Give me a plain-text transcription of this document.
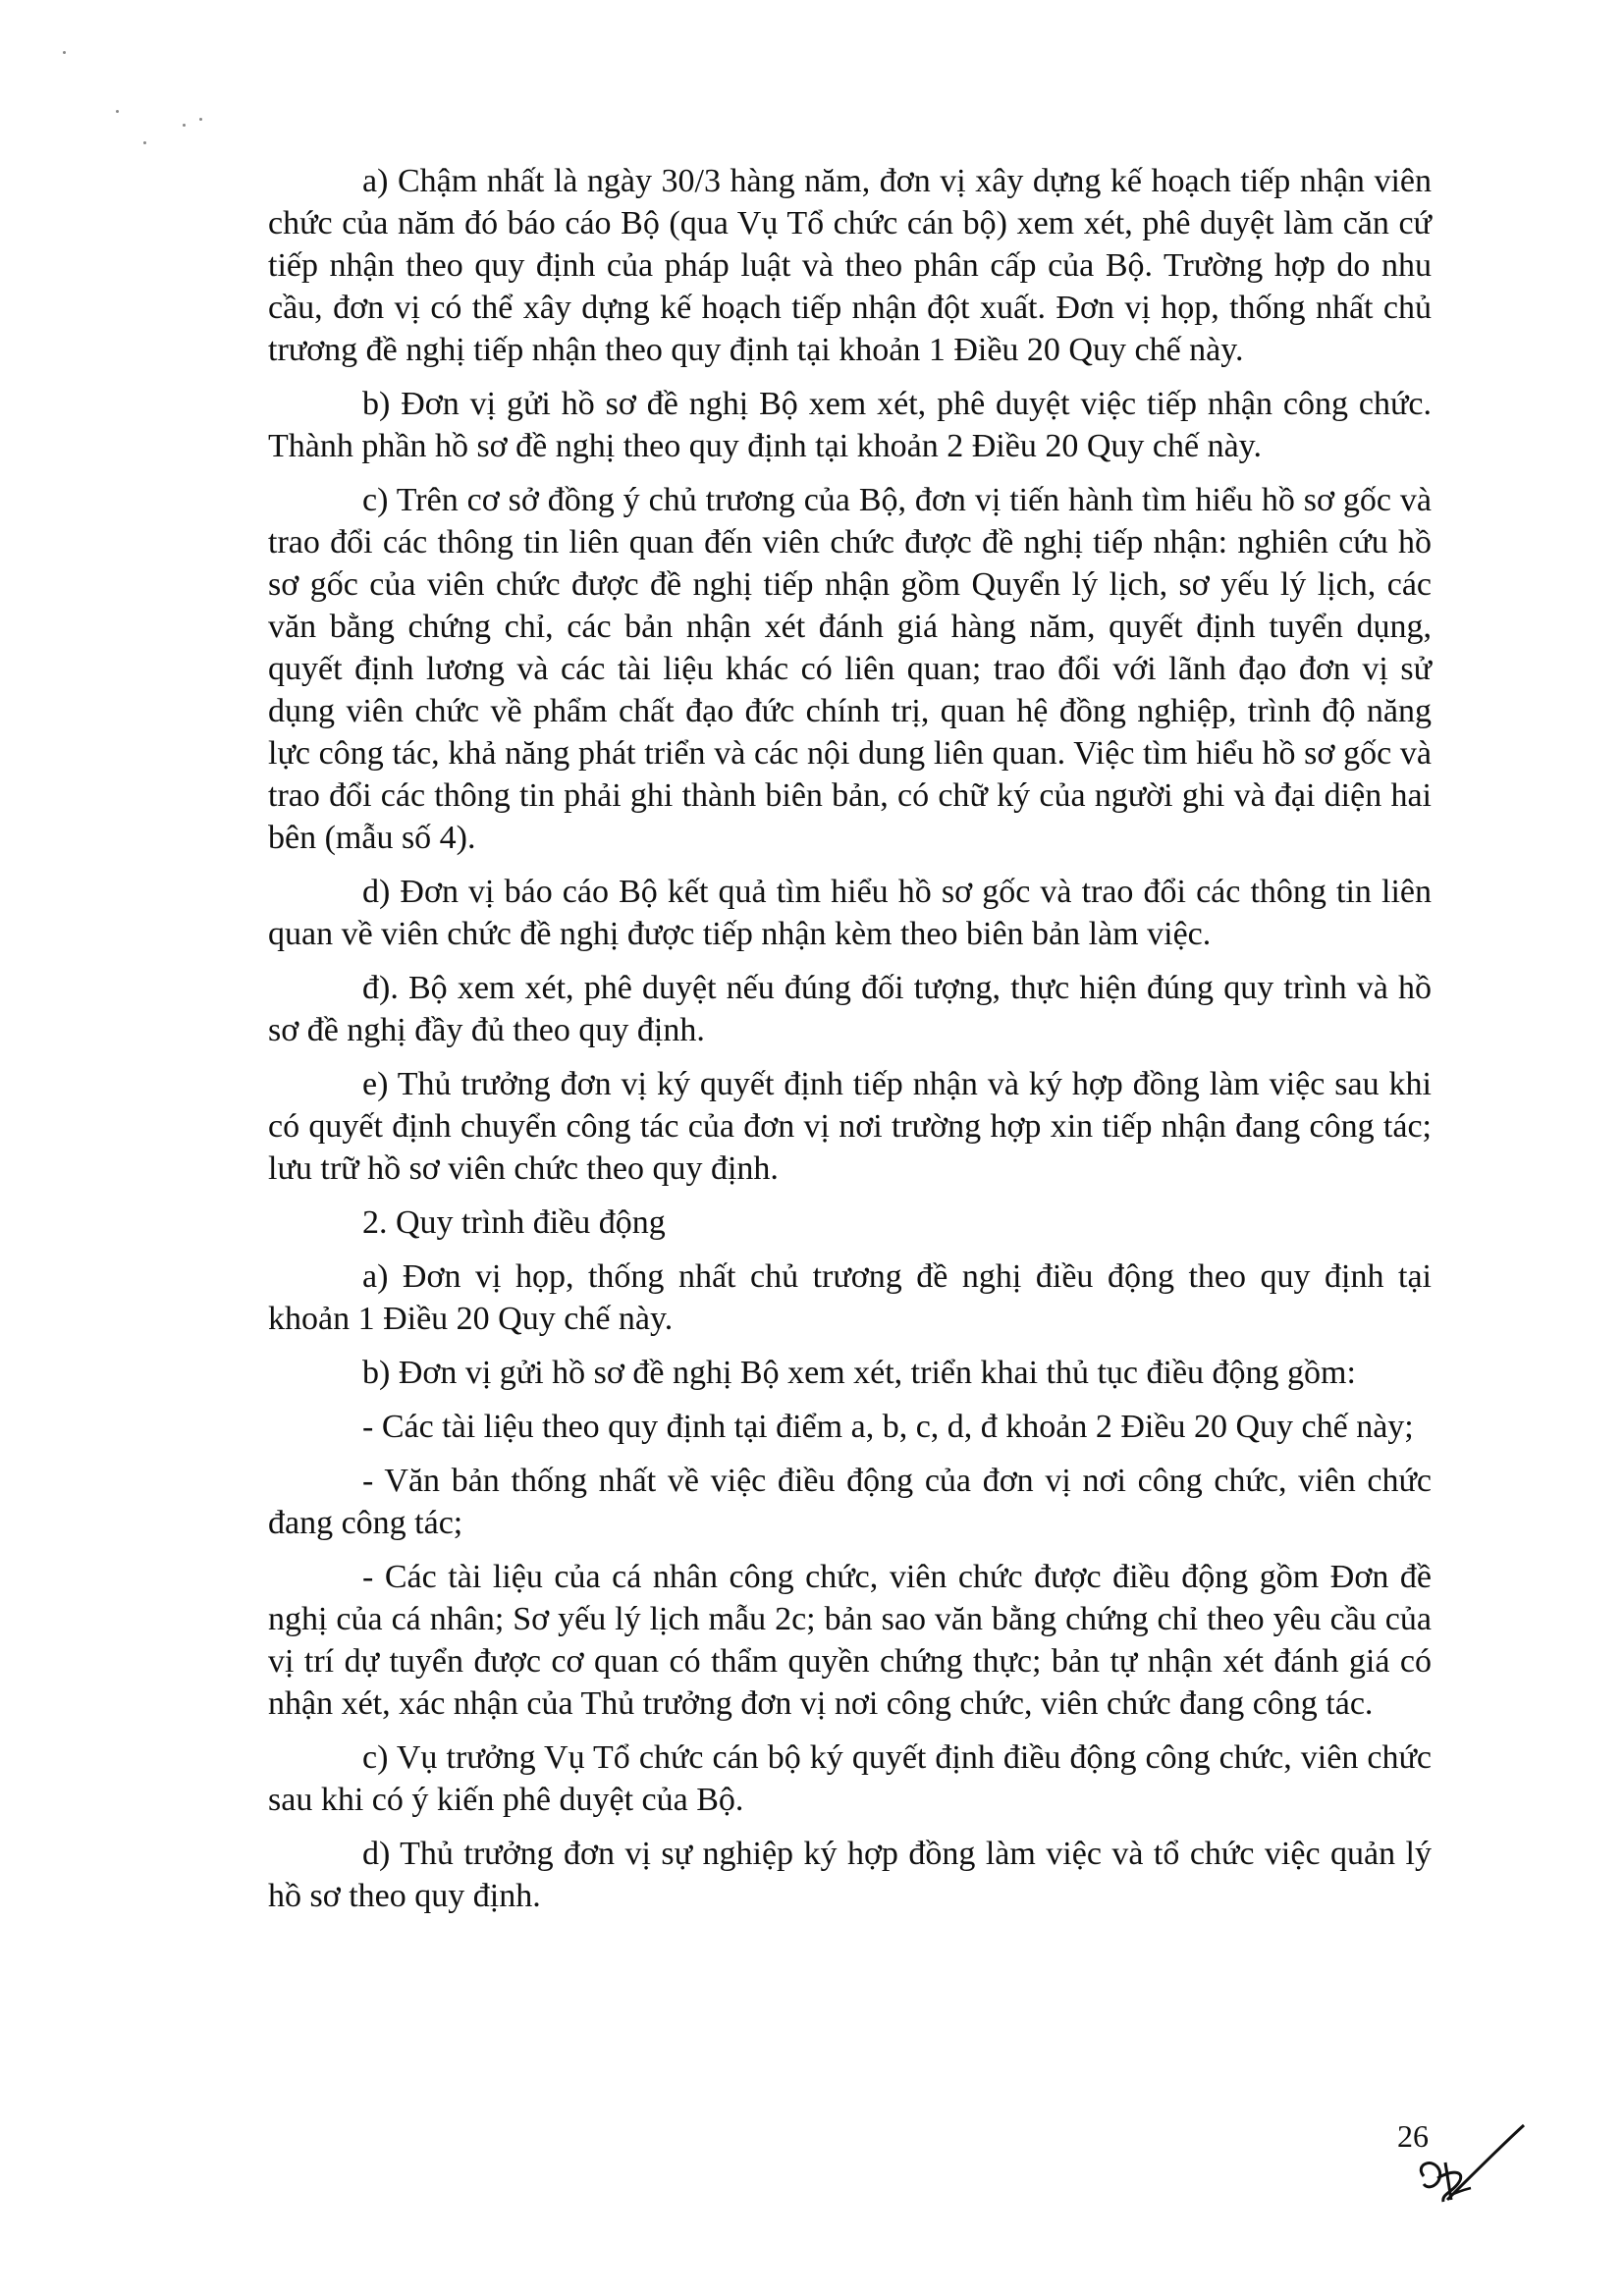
a) Chậm nhất là ngày 30/3 hàng năm, đơn vị xây dựng kế hoạch tiếp nhận viên chức của năm đó báo cáo Bộ (qua Vụ Tổ chức cán bộ) xem xét, phê duyệt làm căn cứ tiếp nhận theo quy định của pháp luật và theo phân cấp của Bộ. Trường hợp do nhu cầu, đơn vị có thể xây dựng kế hoạch tiếp nhận đột xuất. Đơn vị họp, thống nhất chủ trương đề nghị tiếp nhận theo quy định tại khoản 1 Điều 20 Quy chế này.

b) Đơn vị gửi hồ sơ đề nghị Bộ xem xét, phê duyệt việc tiếp nhận công chức. Thành phần hồ sơ đề nghị theo quy định tại khoản 2 Điều 20 Quy chế này.

c) Trên cơ sở đồng ý chủ trương của Bộ, đơn vị tiến hành tìm hiểu hồ sơ gốc và trao đổi các thông tin liên quan đến viên chức được đề nghị tiếp nhận: nghiên cứu hồ sơ gốc của viên chức được đề nghị tiếp nhận gồm Quyển lý lịch, sơ yếu lý lịch, các văn bằng chứng chỉ, các bản nhận xét đánh giá hàng năm, quyết định tuyển dụng, quyết định lương và các tài liệu khác có liên quan; trao đổi với lãnh đạo đơn vị sử dụng viên chức về phẩm chất đạo đức chính trị, quan hệ đồng nghiệp, trình độ năng lực công tác, khả năng phát triển và các nội dung liên quan. Việc tìm hiểu hồ sơ gốc và trao đổi các thông tin phải ghi thành biên bản, có chữ ký của người ghi và đại diện hai bên (mẫu số 4).

d) Đơn vị báo cáo Bộ kết quả tìm hiểu hồ sơ gốc và trao đổi các thông tin liên quan về viên chức đề nghị được tiếp nhận kèm theo biên bản làm việc.

đ). Bộ xem xét, phê duyệt nếu đúng đối tượng, thực hiện đúng quy trình và hồ sơ đề nghị đầy đủ theo quy định.

e) Thủ trưởng đơn vị ký quyết định tiếp nhận và ký hợp đồng làm việc sau khi có quyết định chuyển công tác của đơn vị nơi trường hợp xin tiếp nhận đang công tác; lưu trữ hồ sơ viên chức theo quy định.

2. Quy trình điều động

a) Đơn vị họp, thống nhất chủ trương đề nghị điều động theo quy định tại khoản 1 Điều 20 Quy chế này.

b) Đơn vị gửi hồ sơ đề nghị Bộ xem xét, triển khai thủ tục điều động gồm:

- Các tài liệu theo quy định tại điểm a, b, c, d, đ khoản 2 Điều 20 Quy chế này;

- Văn bản thống nhất về việc điều động của đơn vị nơi công chức, viên chức đang công tác;

- Các tài liệu của cá nhân công chức, viên chức được điều động gồm Đơn đề nghị của cá nhân; Sơ yếu lý lịch mẫu 2c; bản sao văn bằng chứng chỉ theo yêu cầu của vị trí dự tuyển được cơ quan có thẩm quyền chứng thực; bản tự nhận xét đánh giá có nhận xét, xác nhận của Thủ trưởng đơn vị nơi công chức, viên chức đang công tác.

c) Vụ trưởng Vụ Tổ chức cán bộ ký quyết định điều động công chức, viên chức sau khi có ý kiến phê duyệt của Bộ.

d) Thủ trưởng đơn vị sự nghiệp ký hợp đồng làm việc và tổ chức việc quản lý hồ sơ theo quy định.

26
